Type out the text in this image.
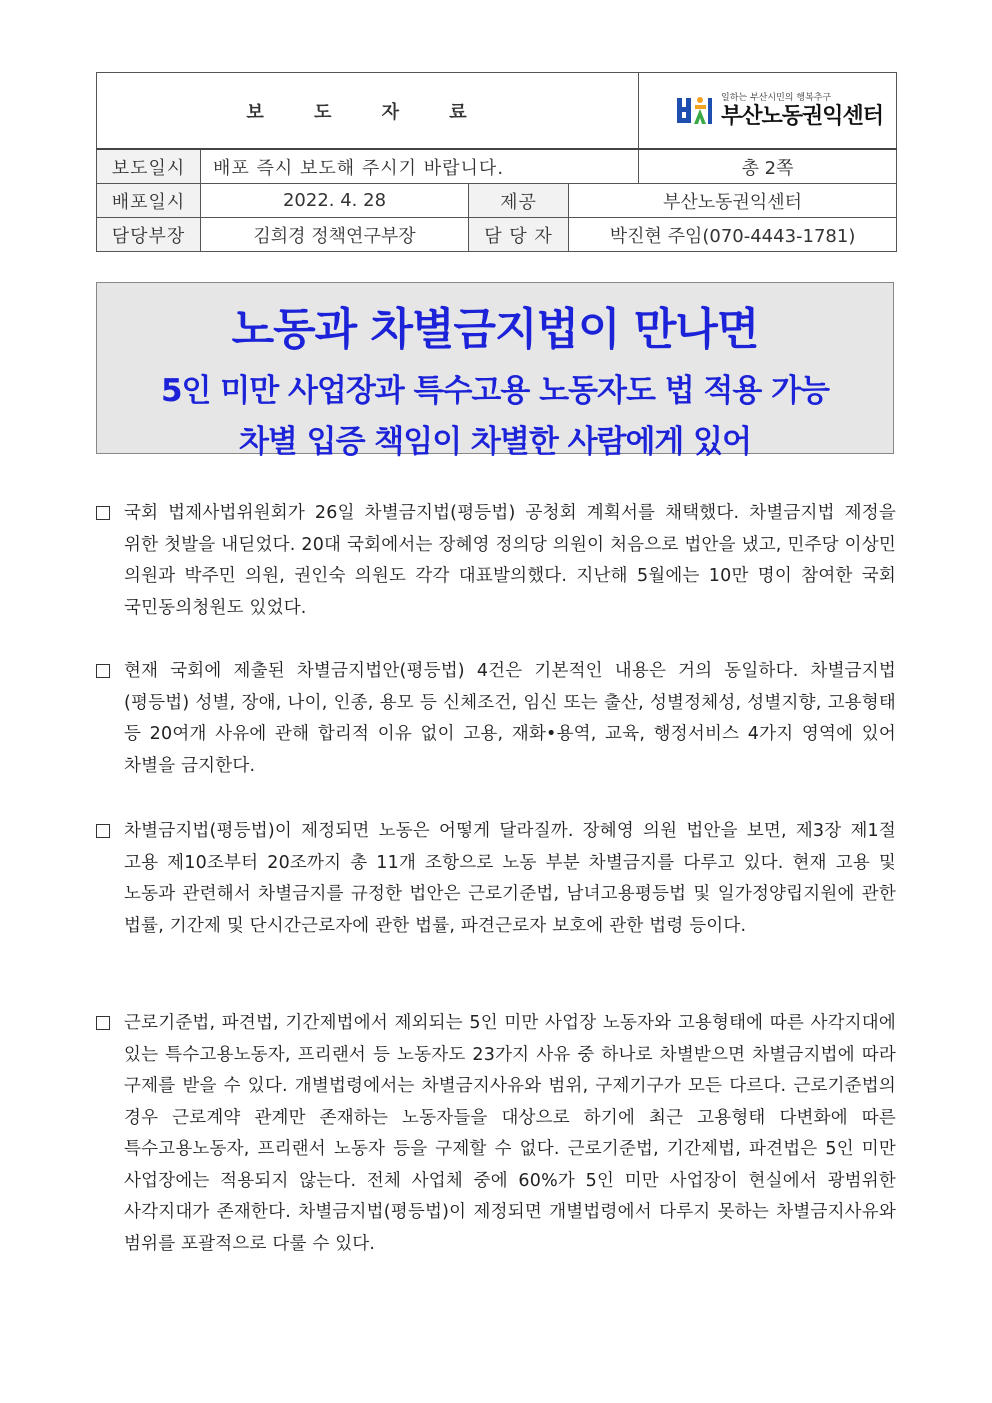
보 도 자 료				일하는 부산시민의 행복추구
부산노동권익센터

보도일시	배포 즉시 보도해 주시기 바랍니다.			총 2쪽
배포일시	2022. 4. 28	제공	부산노동권익센터	
담당부장	김희경 정책연구부장	담 당 자	박진현 주임(070-4443-1781)	
노동과 차별금지법이 만나면
5인 미만 사업장과 특수고용 노동자도 법 적용 가능
차별 입증 책임이 차별한 사람에게 있어
국회 법제사법위원회가 26일 차별금지법(평등법) 공청회 계획서를 채택했다. 차별금지법 제정을 위한 첫발을 내딛었다. 20대 국회에서는 장혜영 정의당 의원이 처음으로 법안을 냈고, 민주당 이상민 의원과 박주민 의원, 권인숙 의원도 각각 대표발의했다. 지난해 5월에는 10만 명이 참여한 국회 국민동의청원도 있었다.
현재 국회에 제출된 차별금지법안(평등법) 4건은 기본적인 내용은 거의 동일하다. 차별금지법(평등법) 성별, 장애, 나이, 인종, 용모 등 신체조건, 임신 또는 출산, 성별정체성, 성별지향, 고용형태 등 20여개 사유에 관해 합리적 이유 없이 고용, 재화•용역, 교육, 행정서비스 4가지 영역에 있어 차별을 금지한다.
차별금지법(평등법)이 제정되면 노동은 어떻게 달라질까. 장혜영 의원 법안을 보면, 제3장 제1절 고용 제10조부터 20조까지 총 11개 조항으로 노동 부분 차별금지를 다루고 있다. 현재 고용 및 노동과 관련해서 차별금지를 규정한 법안은 근로기준법, 남녀고용평등법 및 일가정양립지원에 관한 법률, 기간제 및 단시간근로자에 관한 법률, 파견근로자 보호에 관한 법령 등이다.
근로기준법, 파견법, 기간제법에서 제외되는 5인 미만 사업장 노동자와 고용형태에 따른 사각지대에 있는 특수고용노동자, 프리랜서 등 노동자도 23가지 사유 중 하나로 차별받으면 차별금지법에 따라 구제를 받을 수 있다. 개별법령에서는 차별금지사유와 범위, 구제기구가 모든 다르다. 근로기준법의 경우 근로계약 관계만 존재하는 노동자들을 대상으로 하기에 최근 고용형태 다변화에 따른 특수고용노동자, 프리랜서 노동자 등을 구제할 수 없다. 근로기준법, 기간제법, 파견법은 5인 미만 사업장에는 적용되지 않는다. 전체 사업체 중에 60%가 5인 미만 사업장이 현실에서 광범위한 사각지대가 존재한다. 차별금지법(평등법)이 제정되면 개별법령에서 다루지 못하는 차별금지사유와 범위를 포괄적으로 다룰 수 있다.
